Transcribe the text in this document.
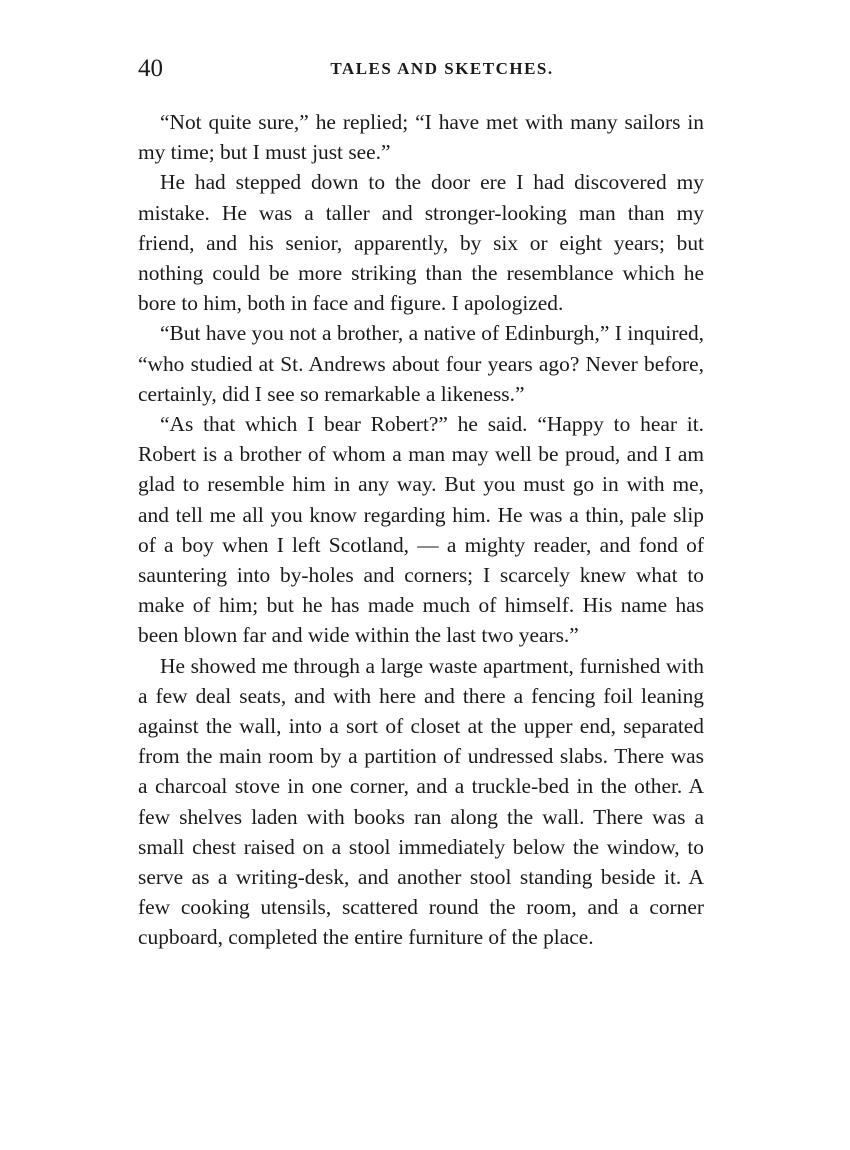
40	TALES AND SKETCHES.

“Not quite sure,” he replied; “I have met with many sailors in my time; but I must just see.”

He had stepped down to the door ere I had discovered my mistake. He was a taller and stronger-looking man than my friend, and his senior, apparently, by six or eight years; but nothing could be more striking than the resemblance which he bore to him, both in face and figure. I apologized.

“But have you not a brother, a native of Edinburgh,” I inquired, “who studied at St. Andrews about four years ago? Never before, certainly, did I see so remarkable a likeness.”

“As that which I bear Robert?” he said. “Happy to hear it. Robert is a brother of whom a man may well be proud, and I am glad to resemble him in any way. But you must go in with me, and tell me all you know regarding him. He was a thin, pale slip of a boy when I left Scotland, — a mighty reader, and fond of sauntering into by-holes and corners; I scarcely knew what to make of him; but he has made much of himself. His name has been blown far and wide within the last two years.”

He showed me through a large waste apartment, furnished with a few deal seats, and with here and there a fencing foil leaning against the wall, into a sort of closet at the upper end, separated from the main room by a partition of undressed slabs. There was a charcoal stove in one corner, and a truckle-bed in the other. A few shelves laden with books ran along the wall. There was a small chest raised on a stool immediately below the window, to serve as a writing-desk, and another stool standing beside it. A few cooking utensils, scattered round the room, and a corner cupboard, completed the entire furniture of the place.
